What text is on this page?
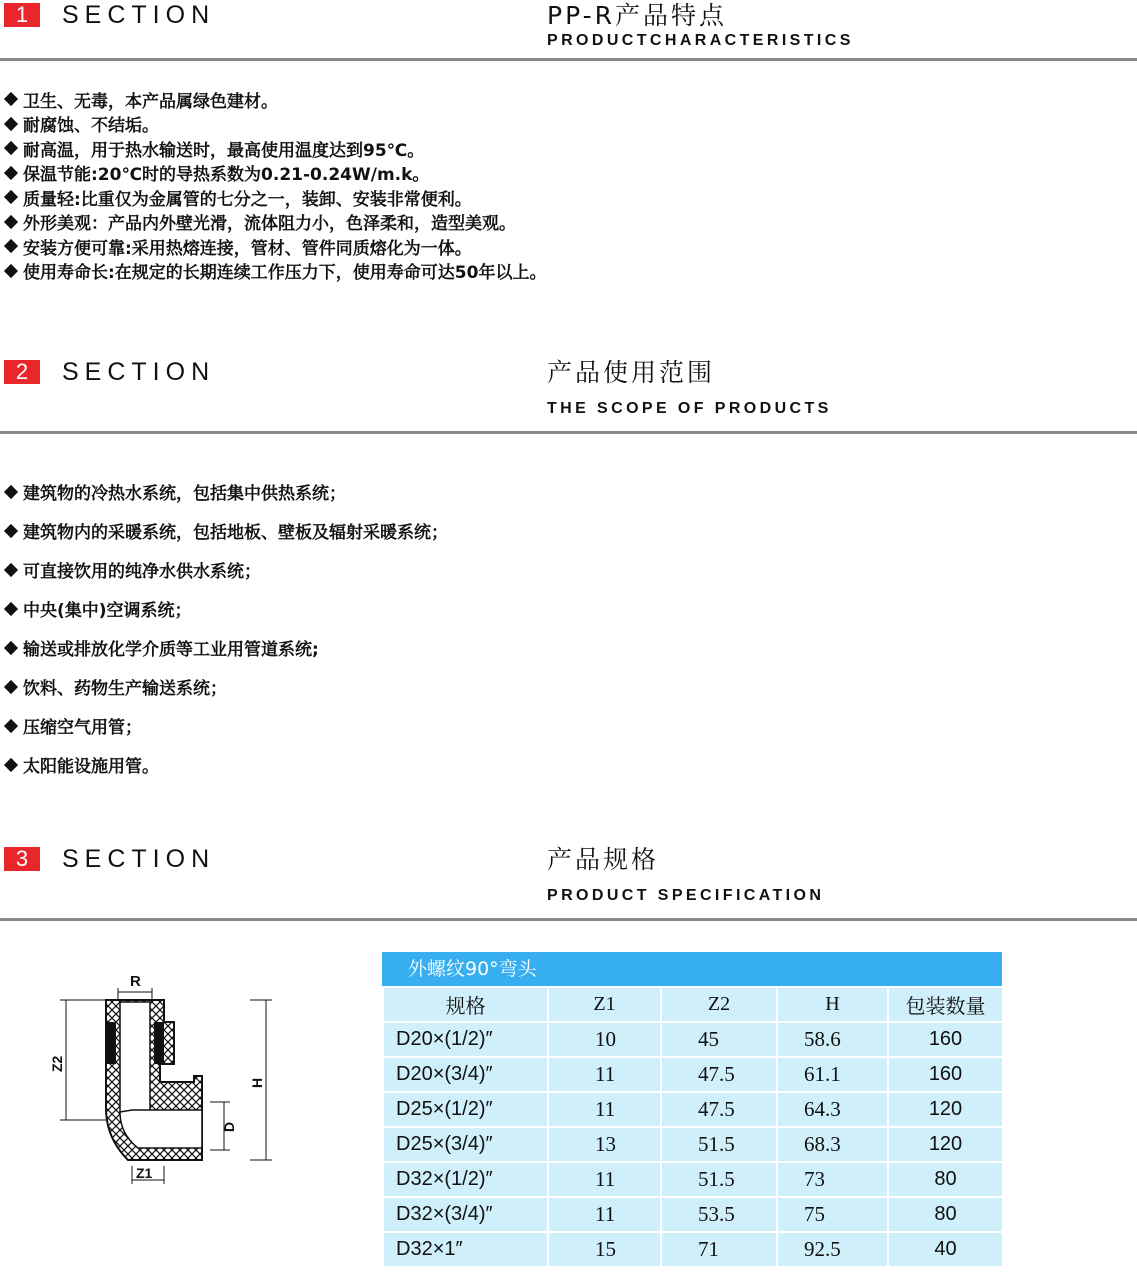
1	SECTION	PP-R产品特点
PRODUCTCHARACTERISTICS
卫生、无毒，本产品属绿色建材。
耐腐蚀、不结垢。
耐高温，用于热水输送时，最高使用温度达到95℃。
保温节能:20℃时的导热系数为0.21-0.24W/m.k。
质量轻:比重仅为金属管的七分之一，装卸、安装非常便利。
外形美观：产品内外壁光滑，流体阻力小，色泽柔和，造型美观。
安装方便可靠:采用热熔连接，管材、管件同质熔化为一体。
使用寿命长:在规定的长期连续工作压力下，使用寿命可达50年以上。
2	SECTION	产品使用范围
THE SCOPE OF PRODUCTS
建筑物的冷热水系统，包括集中供热系统；
建筑物内的采暖系统，包括地板、壁板及辐射采暖系统；
可直接饮用的纯净水供水系统；
中央(集中)空调系统；
输送或排放化学介质等工业用管道系统;
饮料、药物生产输送系统；
压缩空气用管；
太阳能设施用管。
3	SECTION	产品规格
PRODUCT SPECIFICATION
R
Z2
H
D
Z1
外螺纹90°弯头
规格	Z1	Z2	H	包装数量
D20×(1/2)″	10	45	58.6	160
D20×(3/4)″	11	47.5	61.1	160
D25×(1/2)″	11	47.5	64.3	120
D25×(3/4)″	13	51.5	68.3	120
D32×(1/2)″	11	51.5	73	80
D32×(3/4)″	11	53.5	75	80
D32×1″	15	71	92.5	40
